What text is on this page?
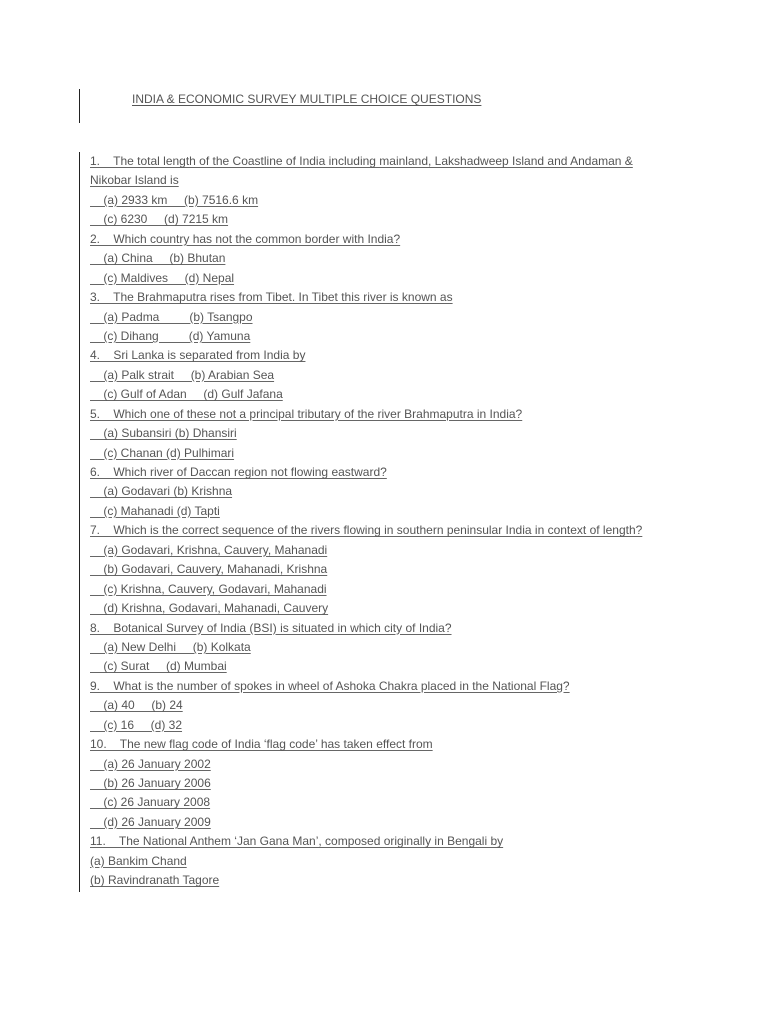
INDIA & ECONOMIC SURVEY MULTIPLE CHOICE QUESTIONS
1.    The total length of the Coastline of India including mainland, Lakshadweep Island and Andaman &
Nikobar Island is
(a) 2933 km     (b) 7516.6 km
(c) 6230     (d) 7215 km
2.    Which country has not the common border with India?
(a) China     (b) Bhutan
(c) Maldives     (d) Nepal
3.    The Brahmaputra rises from Tibet. In Tibet this river is known as
(a) Padma         (b) Tsangpo
(c) Dihang         (d) Yamuna
4.    Sri Lanka is separated from India by
(a) Palk strait     (b) Arabian Sea
(c) Gulf of Adan     (d) Gulf Jafana
5.    Which one of these not a principal tributary of the river Brahmaputra in India?
(a) Subansiri (b) Dhansiri
(c) Chanan (d) Pulhimari
6.    Which river of Daccan region not flowing eastward?
(a) Godavari (b) Krishna
(c) Mahanadi (d) Tapti
7.    Which is the correct sequence of the rivers flowing in southern peninsular India in context of length?
(a) Godavari, Krishna, Cauvery, Mahanadi
(b) Godavari, Cauvery, Mahanadi, Krishna
(c) Krishna, Cauvery, Godavari, Mahanadi
(d) Krishna, Godavari, Mahanadi, Cauvery
8.    Botanical Survey of India (BSI) is situated in which city of India?
(a) New Delhi     (b) Kolkata
(c) Surat     (d) Mumbai
9.    What is the number of spokes in wheel of Ashoka Chakra placed in the National Flag?
(a) 40     (b) 24
(c) 16     (d) 32
10.    The new flag code of India ‘flag code’ has taken effect from
(a) 26 January 2002
(b) 26 January 2006
(c) 26 January 2008
(d) 26 January 2009
11.    The National Anthem ‘Jan Gana Man’, composed originally in Bengali by
(a) Bankim Chand
(b) Ravindranath Tagore
